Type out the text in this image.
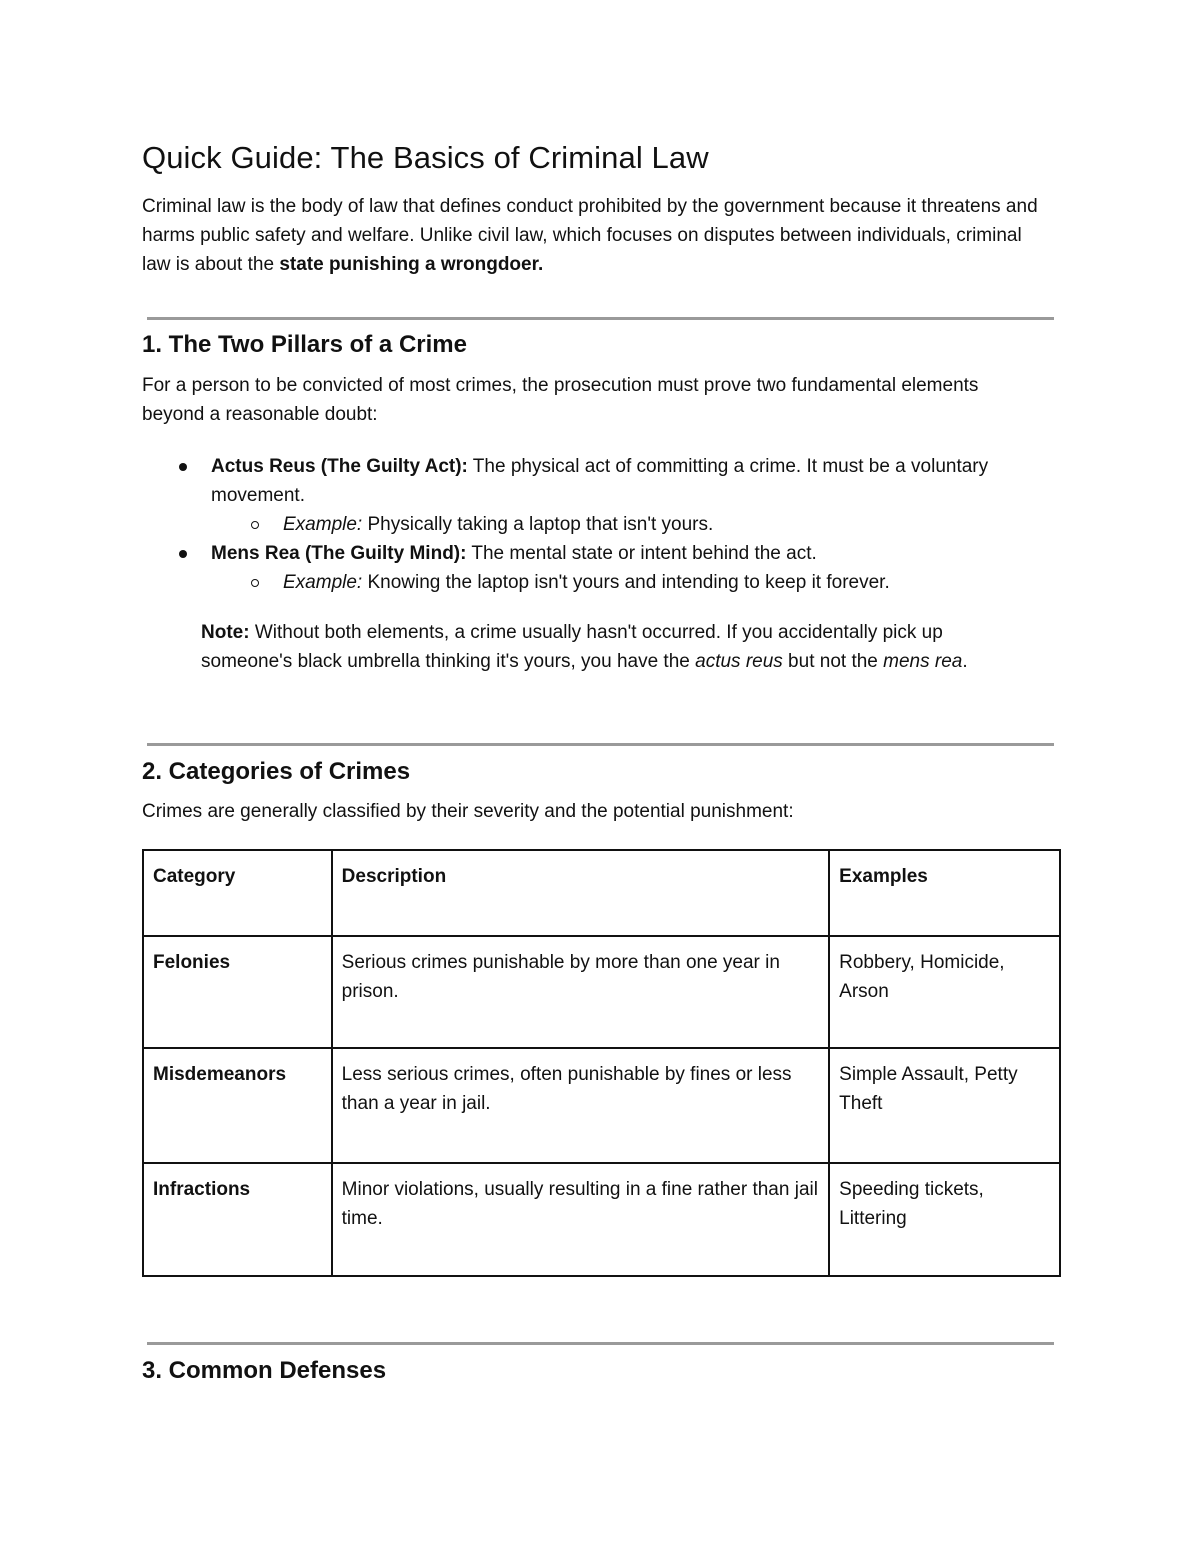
Quick Guide: The Basics of Criminal Law

Criminal law is the body of law that defines conduct prohibited by the government because it threatens and harms public safety and welfare. Unlike civil law, which focuses on disputes between individuals, criminal law is about the state punishing a wrongdoer.

1. The Two Pillars of a Crime

For a person to be convicted of most crimes, the prosecution must prove two fundamental elements beyond a reasonable doubt:

Actus Reus (The Guilty Act): The physical act of committing a crime. It must be a voluntary movement.
Example: Physically taking a laptop that isn't yours.
Mens Rea (The Guilty Mind): The mental state or intent behind the act.
Example: Knowing the laptop isn't yours and intending to keep it forever.

Note: Without both elements, a crime usually hasn't occurred. If you accidentally pick up someone's black umbrella thinking it's yours, you have the actus reus but not the mens rea.

2. Categories of Crimes

Crimes are generally classified by their severity and the potential punishment:

Category	Description	Examples
Felonies	Serious crimes punishable by more than one year in prison.	Robbery, Homicide, Arson
Misdemeanors	Less serious crimes, often punishable by fines or less than a year in jail.	Simple Assault, Petty Theft
Infractions	Minor violations, usually resulting in a fine rather than jail time.	Speeding tickets, Littering
3. Common Defenses
